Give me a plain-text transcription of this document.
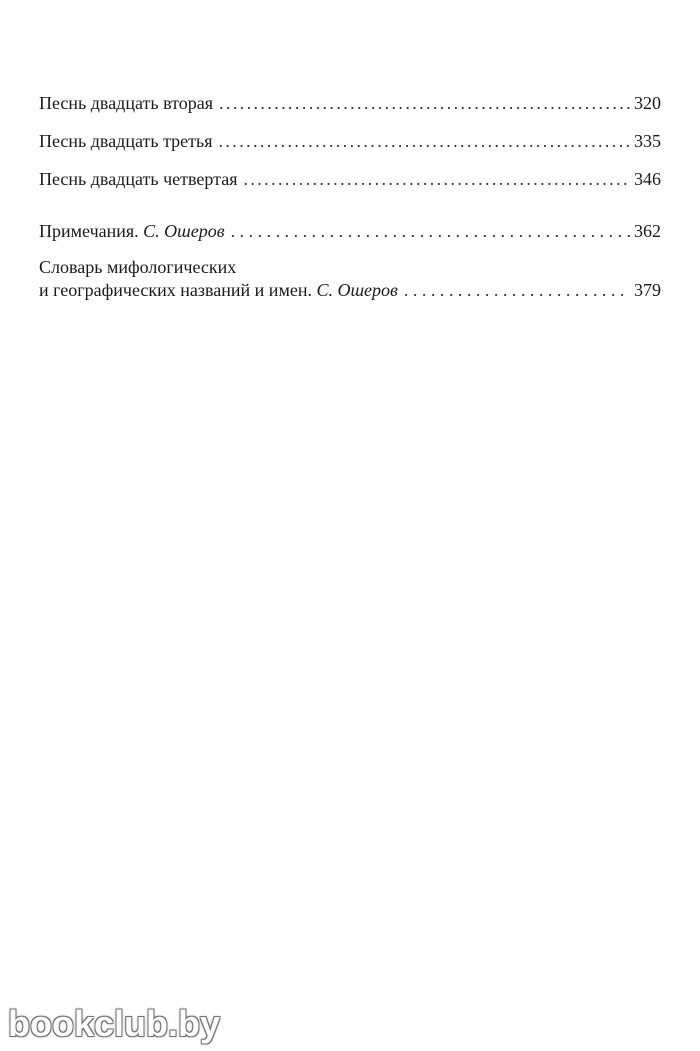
Песнь двадцать вторая .....	320
Песнь двадцать третья .....	335
Песнь двадцать четвертая .....	346
Примечания. С. Ошеров . . .	362
Словарь мифологических
и географических названий и имен. С. Ошеров . . .	379
bookclub.by
